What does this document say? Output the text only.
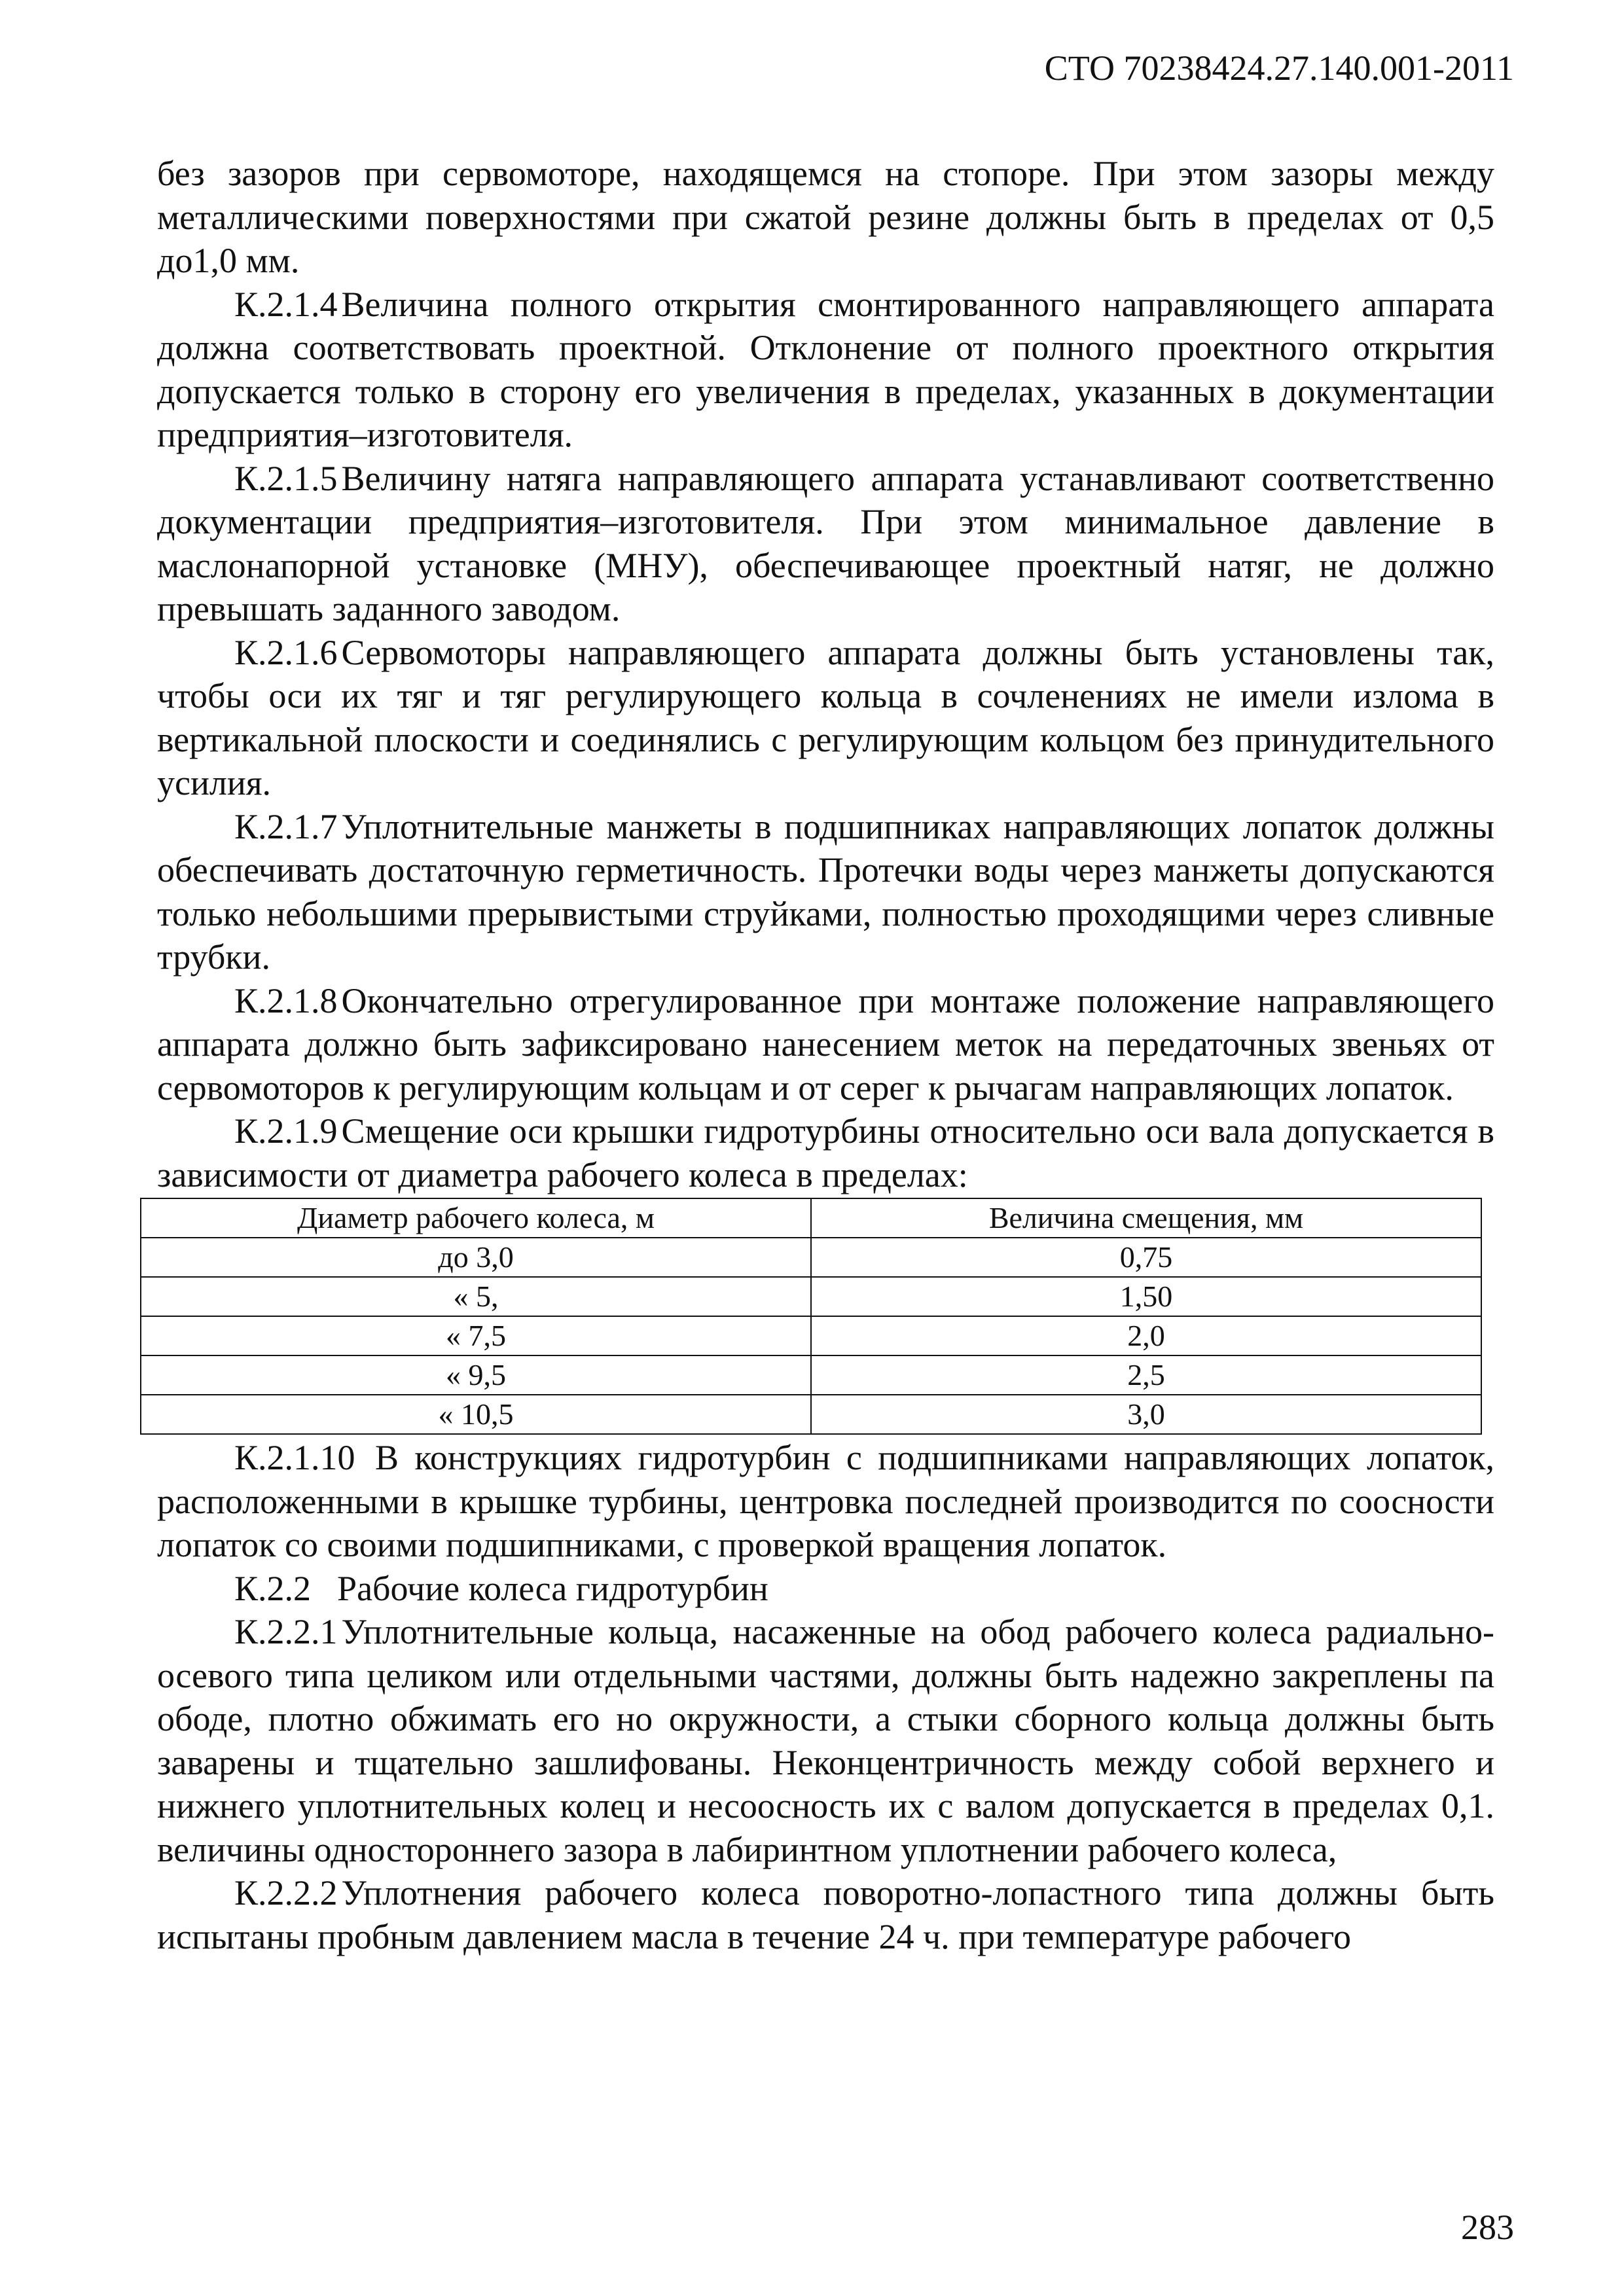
СТО 70238424.27.140.001-2011

без зазоров при сервомоторе, находящемся на стопоре. При этом зазоры между металлическими поверхностями при сжатой резине должны быть в пределах от 0,5 до1,0 мм.

К.2.1.4 Величина полного открытия смонтированного направляющего аппарата должна соответствовать проектной. Отклонение от полного проектного открытия допускается только в сторону его увеличения в пределах, указанных в документации предприятия–изготовителя.

К.2.1.5 Величину натяга направляющего аппарата устанавливают соответственно документации предприятия–изготовителя. При этом минимальное давление в маслонапорной установке (МНУ), обеспечивающее проектный натяг, не должно превышать заданного заводом.

К.2.1.6 Сервомоторы направляющего аппарата должны быть установлены так, чтобы оси их тяг и тяг регулирующего кольца в сочленениях не имели излома в вертикальной плоскости и соединялись с регулирующим кольцом без принудительного усилия.

К.2.1.7 Уплотнительные манжеты в подшипниках направляющих лопаток должны обеспечивать достаточную герметичность. Протечки воды через манжеты допускаются только небольшими прерывистыми струйками, полностью проходящими через сливные трубки.

К.2.1.8 Окончательно отрегулированное при монтаже положение направляющего аппарата должно быть зафиксировано нанесением меток на передаточных звеньях от сервомоторов к регулирующим кольцам и от серег к рычагам направляющих лопаток.

К.2.1.9 Смещение оси крышки гидротурбины относительно оси вала допускается в зависимости от диаметра рабочего колеса в пределах:

Диаметр рабочего колеса, м	Величина смещения, мм
до 3,0	0,75
« 5,	1,50
« 7,5	2,0
« 9,5	2,5
« 10,5	3,0

К.2.1.10 В конструкциях гидротурбин с подшипниками направляющих лопаток, расположенными в крышке турбины, центровка последней производится по соосности лопаток со своими подшипниками, с проверкой вращения лопаток.

К.2.2 Рабочие колеса гидротурбин

К.2.2.1 Уплотнительные кольца, насаженные на обод рабочего колеса радиально-осевого типа целиком или отдельными частями, должны быть надежно закреплены па ободе, плотно обжимать его но окружности, а стыки сборного кольца должны быть заварены и тщательно зашлифованы. Неконцентричность между собой верхнего и нижнего уплотнительных колец и несоосность их с валом допускается в пределах 0,1. величины одностороннего зазора в лабиринтном уплотнении рабочего колеса,

К.2.2.2 Уплотнения рабочего колеса поворотно-лопастного типа должны быть испытаны пробным давлением масла в течение 24 ч. при температуре рабочего

283
